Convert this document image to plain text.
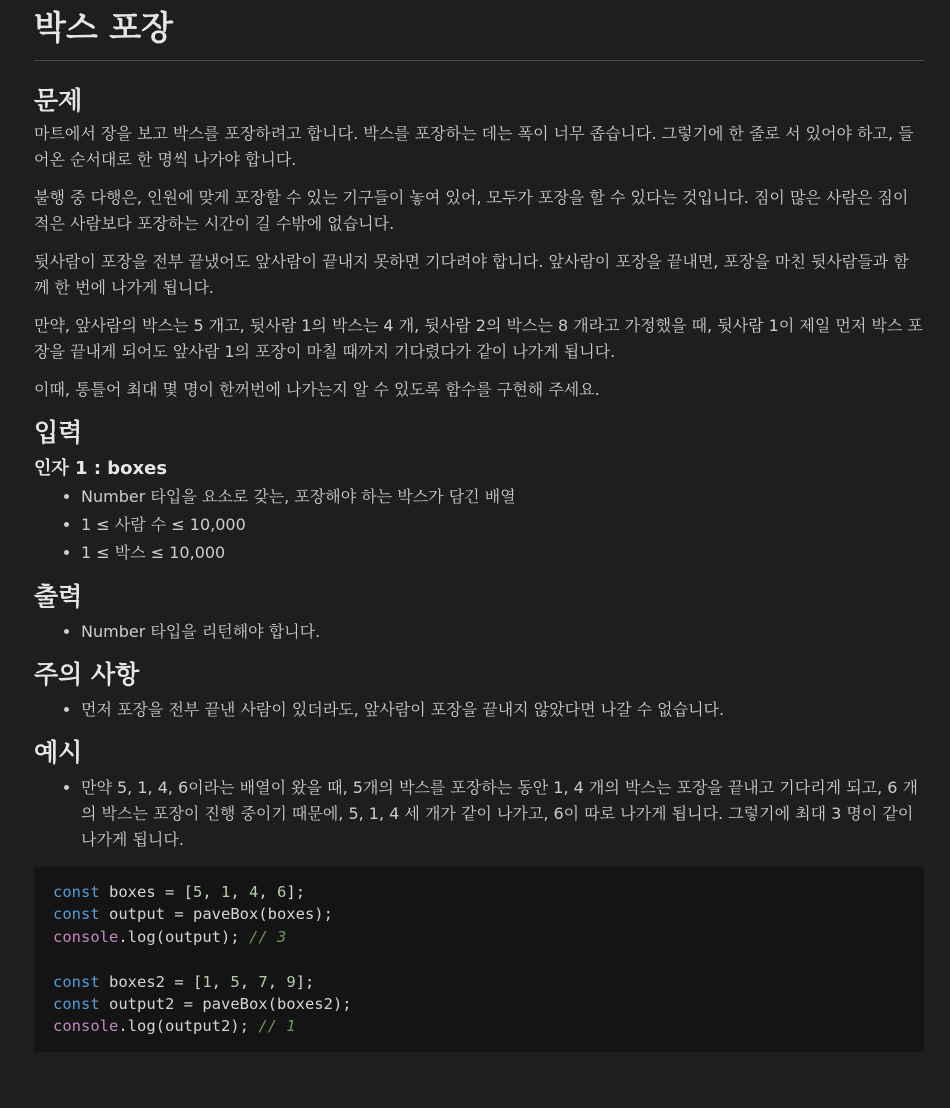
박스 포장
문제

마트에서 장을 보고 박스를 포장하려고 합니다. 박스를 포장하는 데는 폭이 너무 좁습니다. 그렇기에 한 줄로 서 있어야 하고, 들어온 순서대로 한 명씩 나가야 합니다.

불행 중 다행은, 인원에 맞게 포장할 수 있는 기구들이 놓여 있어, 모두가 포장을 할 수 있다는 것입니다. 짐이 많은 사람은 짐이 적은 사람보다 포장하는 시간이 길 수밖에 없습니다.

뒷사람이 포장을 전부 끝냈어도 앞사람이 끝내지 못하면 기다려야 합니다. 앞사람이 포장을 끝내면, 포장을 마친 뒷사람들과 함께 한 번에 나가게 됩니다.

만약, 앞사람의 박스는 5 개고, 뒷사람 1의 박스는 4 개, 뒷사람 2의 박스는 8 개라고 가정했을 때, 뒷사람 1이 제일 먼저 박스 포장을 끝내게 되어도 앞사람 1의 포장이 마칠 때까지 기다렸다가 같이 나가게 됩니다.

이때, 통틀어 최대 몇 명이 한꺼번에 나가는지 알 수 있도록 함수를 구현해 주세요.

입력
인자 1 : boxes
• Number 타입을 요소로 갖는, 포장해야 하는 박스가 담긴 배열
• 1 ≤ 사람 수 ≤ 10,000
• 1 ≤ 박스 ≤ 10,000
출력
• Number 타입을 리턴해야 합니다.
주의 사항
• 먼저 포장을 전부 끝낸 사람이 있더라도, 앞사람이 포장을 끝내지 않았다면 나갈 수 없습니다.
예시
• 만약 5, 1, 4, 6이라는 배열이 왔을 때, 5개의 박스를 포장하는 동안 1, 4 개의 박스는 포장을 끝내고 기다리게 되고, 6 개의 박스는 포장이 진행 중이기 때문에, 5, 1, 4 세 개가 같이 나가고, 6이 따로 나가게 됩니다. 그렇기에 최대 3 명이 같이 나가게 됩니다.
const boxes = [5, 1, 4, 6];
const output = paveBox(boxes);
console.log(output); // 3
const boxes2 = [1, 5, 7, 9];
const output2 = paveBox(boxes2);
console.log(output2); // 1
